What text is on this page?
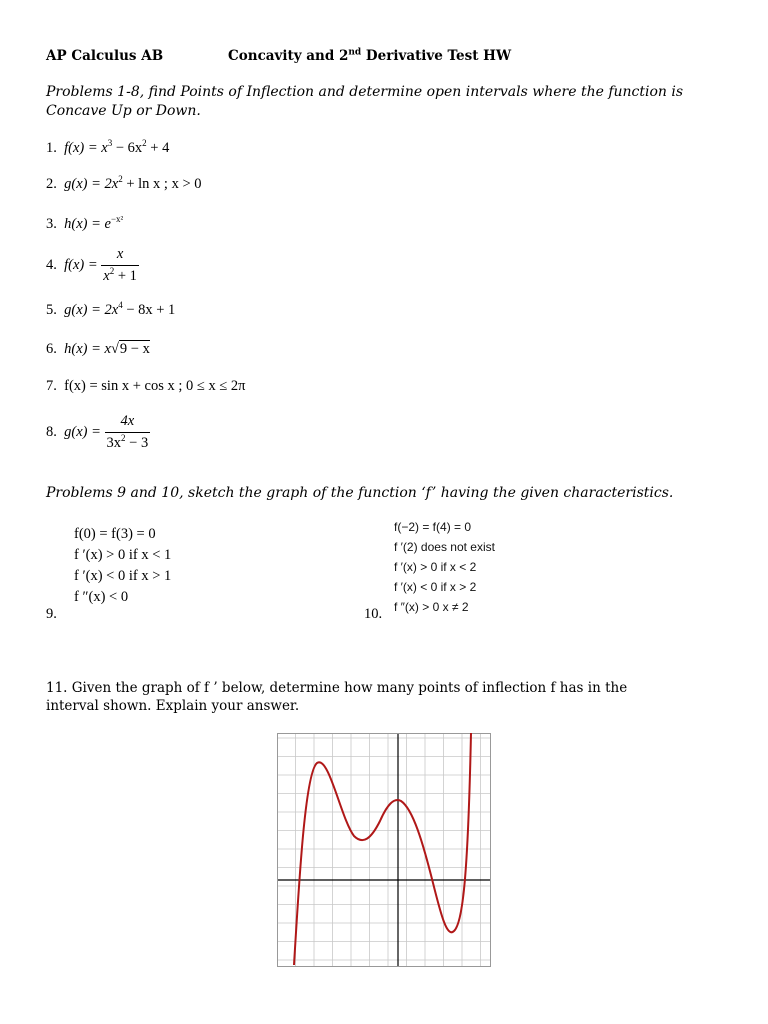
AP Calculus AB	Concavity and 2nd Derivative Test HW
Problems 1-8, find Points of Inflection and determine open intervals where the function is
Concave Up or Down.
1. $f(x) = x^3 - 6x^2 + 4$
2. $g(x) = 2x^2 + \ln x$ ; x > 0
3. $h(x) = e^{-x^2}$
4. $f(x) = \frac{x}{x^2 + 1}$
5. $g(x) = 2x^4 - 8x + 1$
6. h(x) = x√9 − x
7. f(x) = sin x + cos x ; 0 ≤ x ≤ 2π
8. $g(x) = \frac{4x}{3x^2 - 3}$
Problems 9 and 10, sketch the graph of the function ‘f’ having the given characteristics.
f(0) = f(3) = 0
f ′(x) > 0 if x < 1
f ′(x) < 0 if x > 1
f ″(x) < 0
9.
f(−2) = f(4) = 0
f ′(2) does not exist
f ′(x) > 0 if x < 2
f ′(x) < 0 if x > 2
f ″(x) > 0 x ≠ 2
10.
11. Given the graph of f ’ below, determine how many points of inflection f has in the
interval shown. Explain your answer.
